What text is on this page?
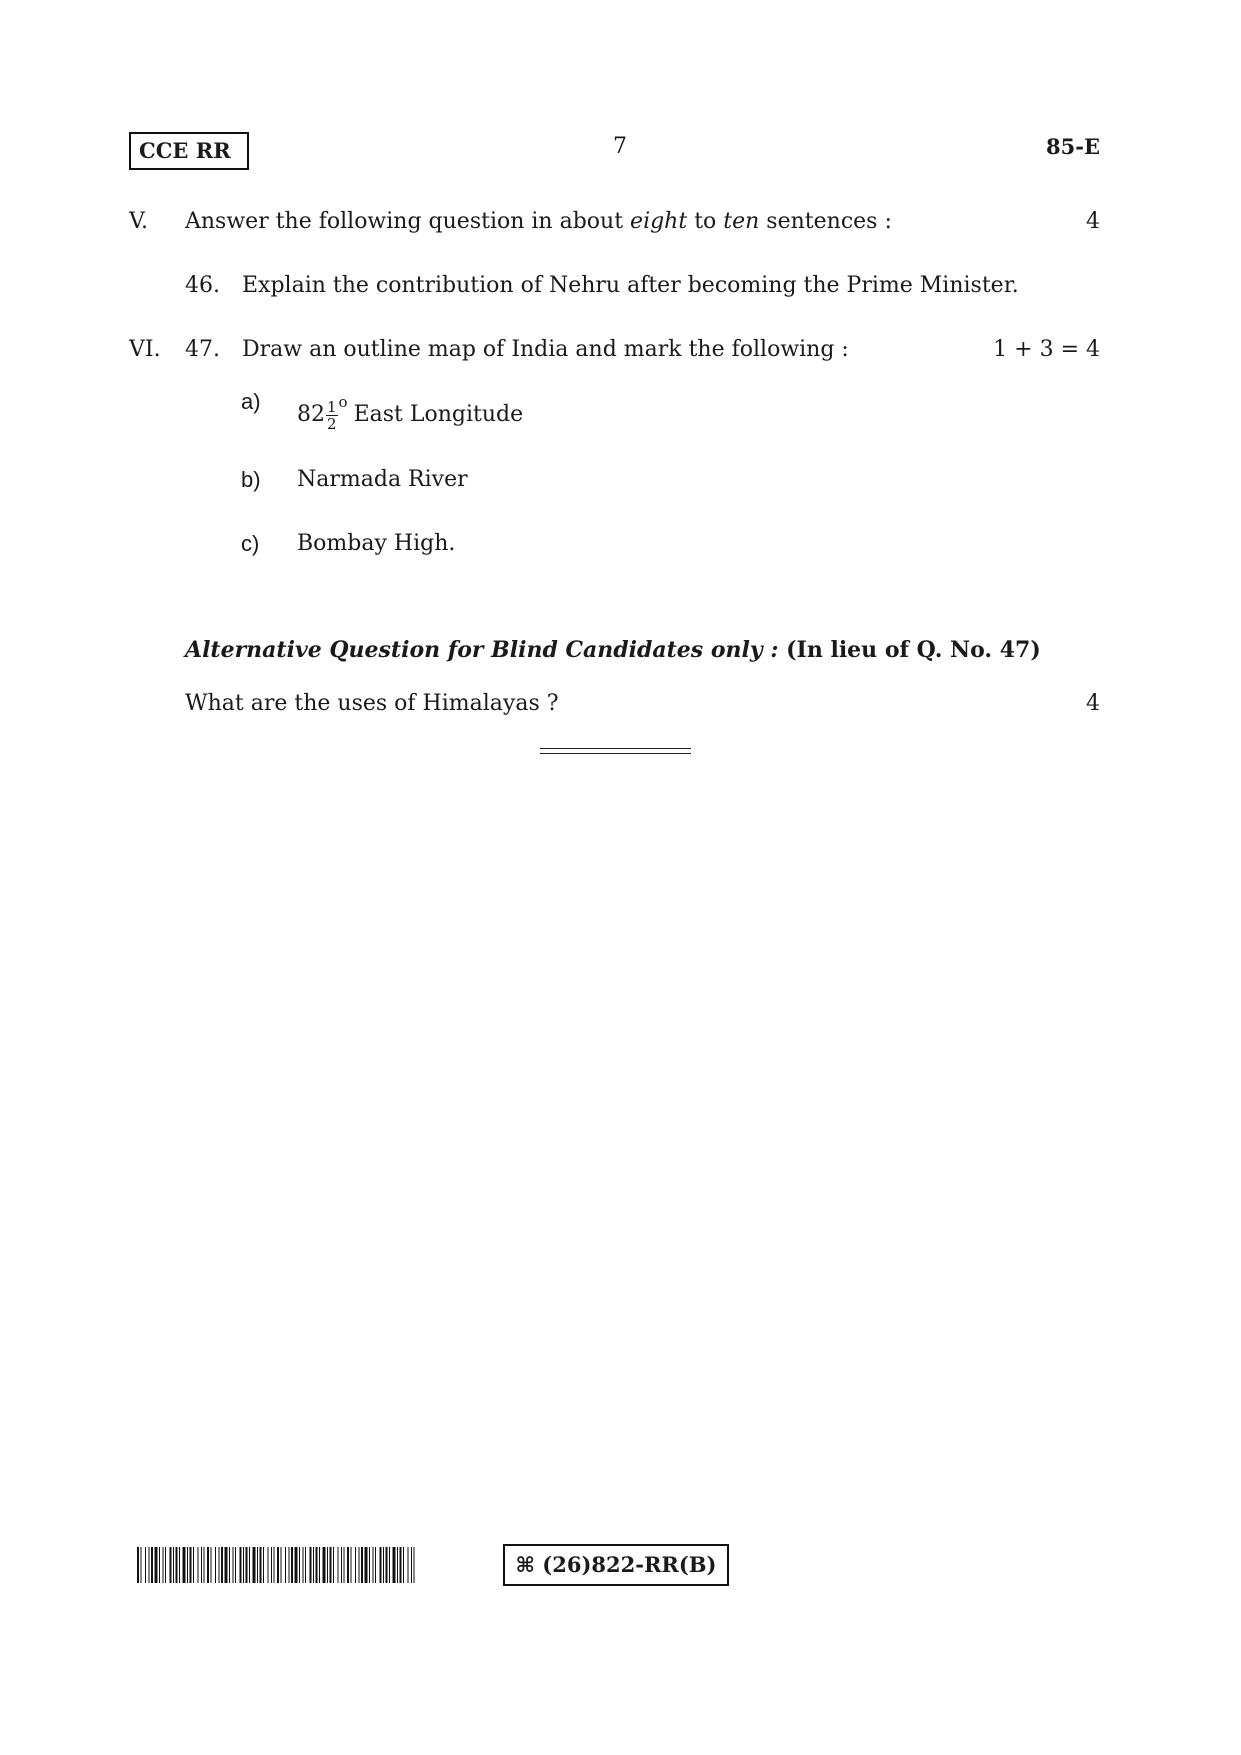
CCE RR	7	85-E
V. Answer the following question in about eight to ten sentences :	4
46. Explain the contribution of Nehru after becoming the Prime Minister.
VI. 47. Draw an outline map of India and mark the following :	1 + 3 = 4
a)
$82 \frac{1}{2} ^o$ East Longitude
b) Narmada River
c) Bombay High.
Alternative Question for Blind Candidates only : (In lieu of Q. No. 47)
What are the uses of Himalayas ?	4
⌘ (26)822-RR(B)
